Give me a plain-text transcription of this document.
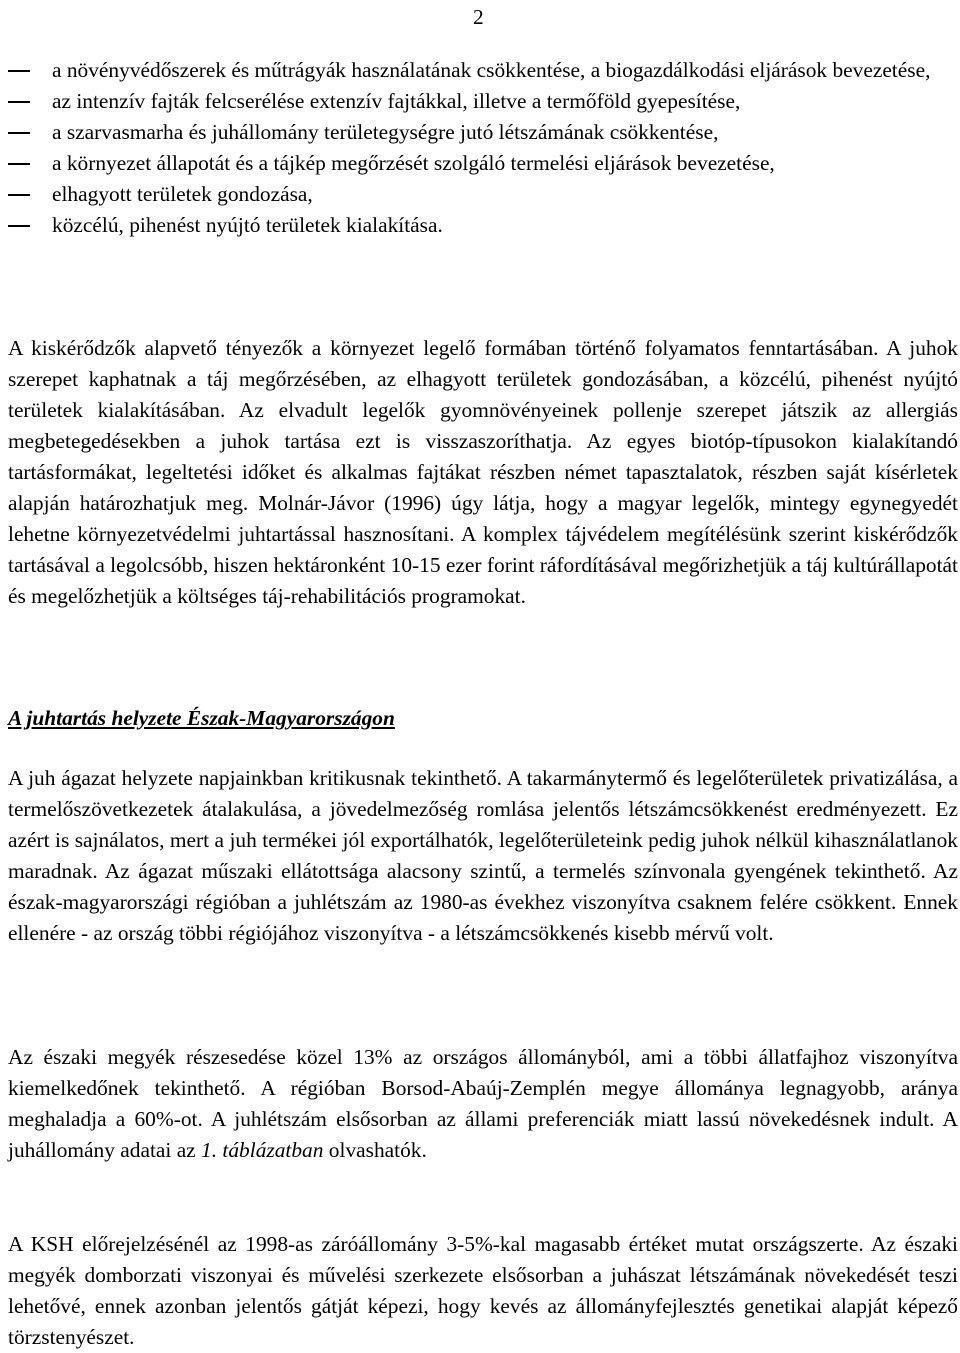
2
a növényvédőszerek és műtrágyák használatának csökkentése, a biogazdálkodási eljárások bevezetése,
az intenzív fajták felcserélése extenzív fajtákkal, illetve a termőföld gyepesítése,
a szarvasmarha és juhállomány területegységre jutó létszámának csökkentése,
a környezet állapotát és a tájkép megőrzését szolgáló termelési eljárások bevezetése,
elhagyott területek gondozása,
közcélú, pihenést nyújtó területek kialakítása.

A kiskérődzők alapvető tényezők a környezet legelő formában történő folyamatos fenntartásában. A juhok szerepet kaphatnak a táj megőrzésében, az elhagyott területek gondozásában, a közcélú, pihenést nyújtó területek kialakításában. Az elvadult legelők gyomnövényeinek pollenje szerepet játszik az allergiás megbetegedésekben a juhok tartása ezt is visszaszoríthatja. Az egyes biotóp-típusokon kialakítandó tartásformákat, legeltetési időket és alkalmas fajtákat részben német tapasztalatok, részben saját kísérletek alapján határozhatjuk meg. Molnár-Jávor (1996) úgy látja, hogy a magyar legelők, mintegy egynegyedét lehetne környezetvédelmi juhtartással hasznosítani. A komplex tájvédelem megítélésünk szerint kiskérődzők tartásával a legolcsóbb, hiszen hektáronként 10-15 ezer forint ráfordításával megőrizhetjük a táj kultúrállapotát és megelőzhetjük a költséges táj-rehabilitációs programokat.

A juhtartás helyzete Észak-Magyarországon

A juh ágazat helyzete napjainkban kritikusnak tekinthető. A takarmánytermő és legelőterületek privatizálása, a termelőszövetkezetek átalakulása, a jövedelmezőség romlása jelentős létszámcsökkenést eredményezett. Ez azért is sajnálatos, mert a juh termékei jól exportálhatók, legelőterületeink pedig juhok nélkül kihasználatlanok maradnak. Az ágazat műszaki ellátottsága alacsony szintű, a termelés színvonala gyengének tekinthető. Az észak-magyarországi régióban a juhlétszám az 1980-as évekhez viszonyítva csaknem felére csökkent. Ennek ellenére - az ország többi régiójához viszonyítva - a létszámcsökkenés kisebb mérvű volt.

Az északi megyék részesedése közel 13% az országos állományból, ami a többi állatfajhoz viszonyítva kiemelkedőnek tekinthető. A régióban Borsod-Abaúj-Zemplén megye állománya legnagyobb, aránya meghaladja a 60%-ot. A juhlétszám elsősorban az állami preferenciák miatt lassú növekedésnek indult. A juhállomány adatai az 1. táblázatban olvashatók.

A KSH előrejelzésénél az 1998-as záróállomány 3-5%-kal magasabb értéket mutat országszerte. Az északi megyék domborzati viszonyai és művelési szerkezete elsősorban a juhászat létszámának növekedését teszi lehetővé, ennek azonban jelentős gátját képezi, hogy kevés az állományfejlesztés genetikai alapját képező törzstenyészet.
